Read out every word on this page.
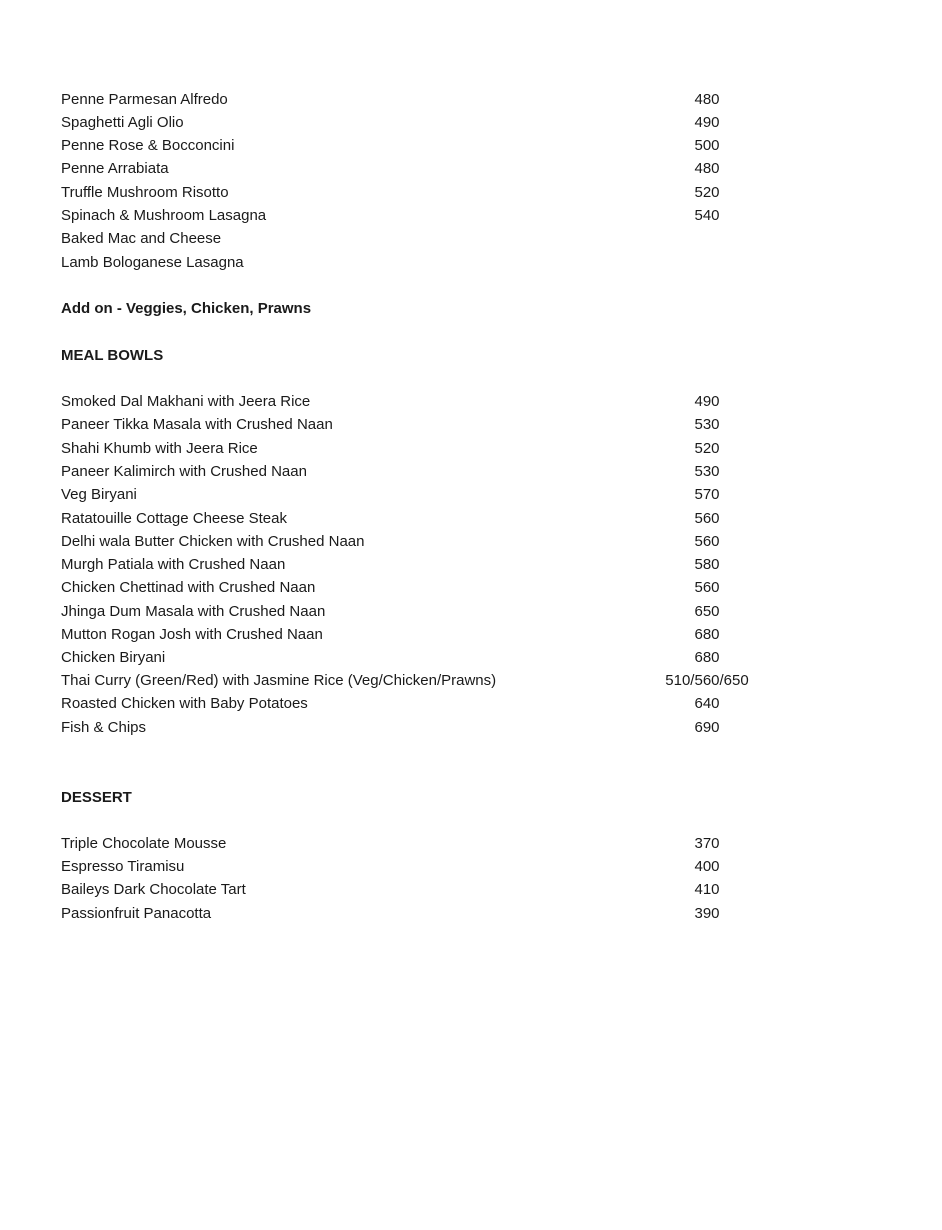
Penne Parmesan Alfredo	480
Spaghetti Agli Olio	490
Penne Rose & Bocconcini	500
Penne Arrabiata	480
Truffle Mushroom Risotto	520
Spinach & Mushroom Lasagna	540
Baked Mac and Cheese
Lamb Bologanese Lasagna
Add on - Veggies, Chicken, Prawns
MEAL BOWLS
Smoked Dal Makhani with Jeera Rice	490
Paneer Tikka Masala with Crushed Naan	530
Shahi Khumb with Jeera Rice	520
Paneer Kalimirch with Crushed Naan	530
Veg Biryani	570
Ratatouille Cottage Cheese Steak	560
Delhi wala Butter Chicken with Crushed Naan	560
Murgh Patiala with Crushed Naan	580
Chicken Chettinad with Crushed Naan	560
Jhinga Dum Masala with Crushed Naan	650
Mutton Rogan Josh with Crushed Naan	680
Chicken Biryani	680
Thai Curry (Green/Red) with Jasmine Rice (Veg/Chicken/Prawns)	510/560/650
Roasted Chicken with Baby Potatoes	640
Fish & Chips	690
DESSERT
Triple Chocolate Mousse	370
Espresso Tiramisu	400
Baileys Dark Chocolate Tart	410
Passionfruit Panacotta	390
